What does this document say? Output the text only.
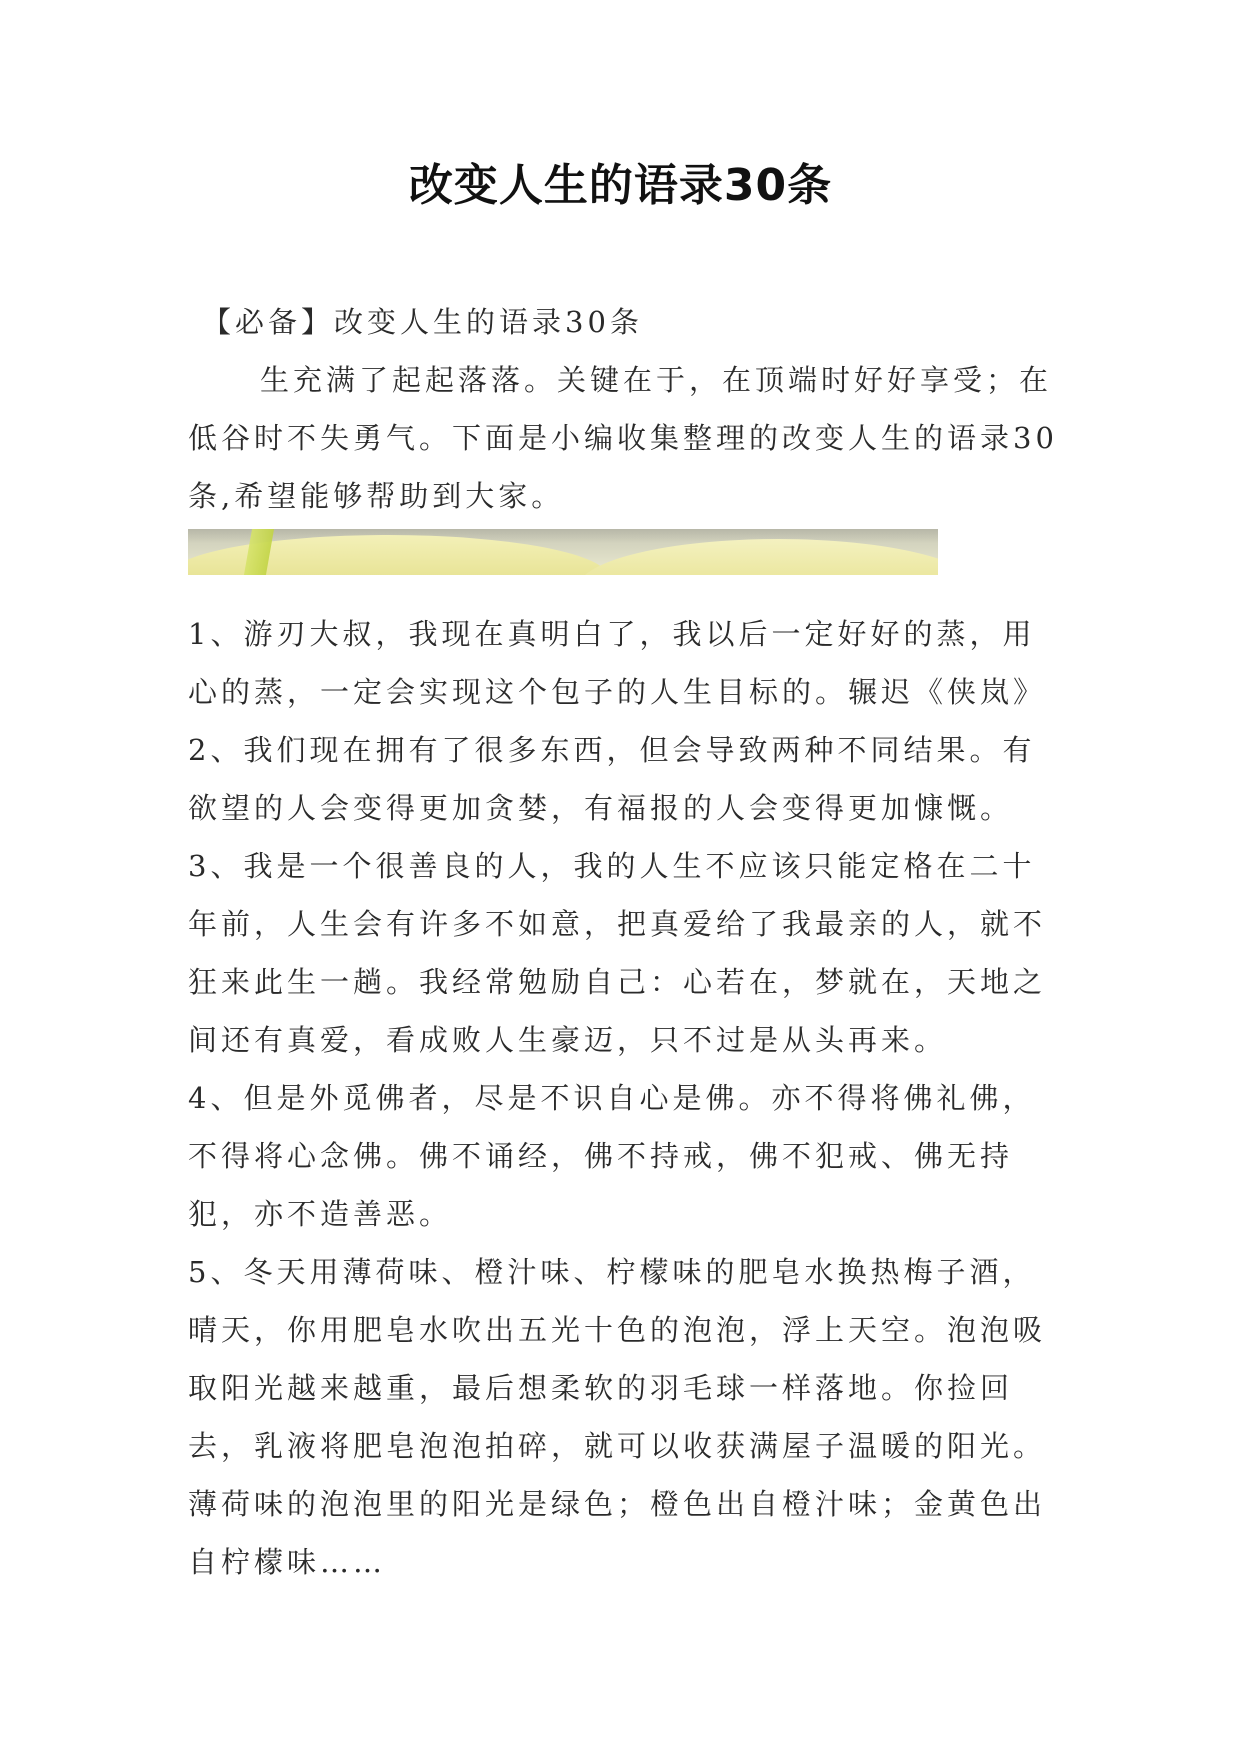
改变人生的语录30条

【必备】改变人生的语录30条

生充满了起起落落。关键在于，在顶端时好好享受；在低谷时不失勇气。下面是小编收集整理的改变人生的语录30条,希望能够帮助到大家。

1、游刃大叔，我现在真明白了，我以后一定好好的蒸，用心的蒸，一定会实现这个包子的人生目标的。辗迟《侠岚》

2、我们现在拥有了很多东西，但会导致两种不同结果。有欲望的人会变得更加贪婪，有福报的人会变得更加慷慨。

3、我是一个很善良的人，我的人生不应该只能定格在二十年前，人生会有许多不如意，把真爱给了我最亲的人，就不狂来此生一趟。我经常勉励自己：心若在，梦就在，天地之间还有真爱，看成败人生豪迈，只不过是从头再来。

4、但是外觅佛者，尽是不识自心是佛。亦不得将佛礼佛，不得将心念佛。佛不诵经，佛不持戒，佛不犯戒、佛无持犯，亦不造善恶。

5、冬天用薄荷味、橙汁味、柠檬味的肥皂水换热梅子酒，晴天，你用肥皂水吹出五光十色的泡泡，浮上天空。泡泡吸取阳光越来越重，最后想柔软的羽毛球一样落地。你捡回去，乳液将肥皂泡泡拍碎，就可以收获满屋子温暖的阳光。薄荷味的泡泡里的阳光是绿色；橙色出自橙汁味；金黄色出自柠檬味……
